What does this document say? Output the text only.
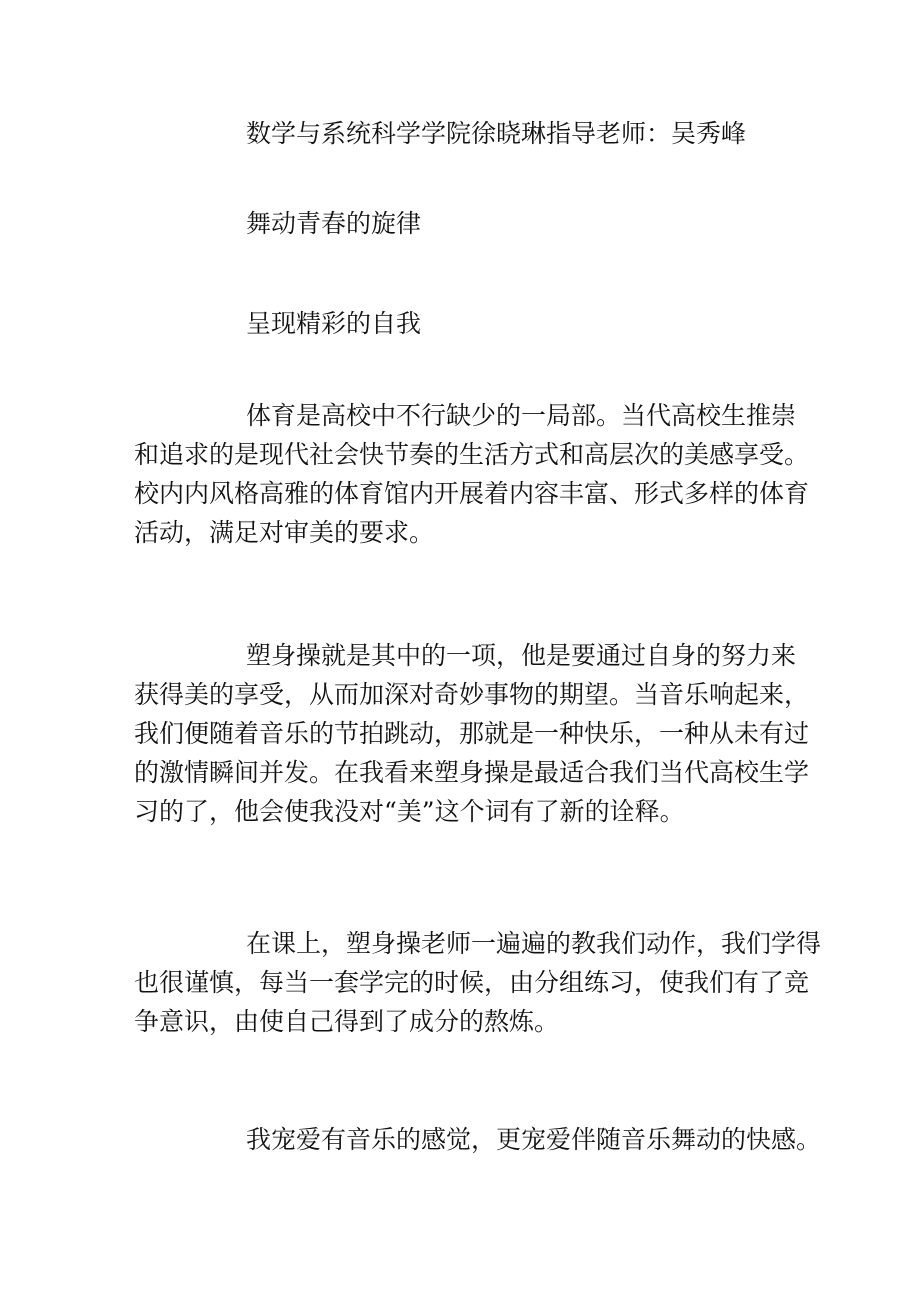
数学与系统科学学院徐晓琳指导老师：吴秀峰

舞动青春的旋律

呈现精彩的自我

体育是高校中不行缺少的一局部。当代高校生推崇
和追求的是现代社会快节奏的生活方式和高层次的美感享受。
校内内风格高雅的体育馆内开展着内容丰富、形式多样的体育
活动，满足对审美的要求。
塑身操就是其中的一项，他是要通过自身的努力来
获得美的享受，从而加深对奇妙事物的期望。当音乐响起来，
我们便随着音乐的节拍跳动，那就是一种快乐，一种从未有过
的激情瞬间并发。在我看来塑身操是最适合我们当代高校生学
习的了，他会使我没对“美”这个词有了新的诠释。
在课上，塑身操老师一遍遍的教我们动作，我们学得
也很谨慎，每当一套学完的时候，由分组练习，使我们有了竞
争意识，由使自己得到了成分的熬炼。
我宠爱有音乐的感觉，更宠爱伴随音乐舞动的快感。
